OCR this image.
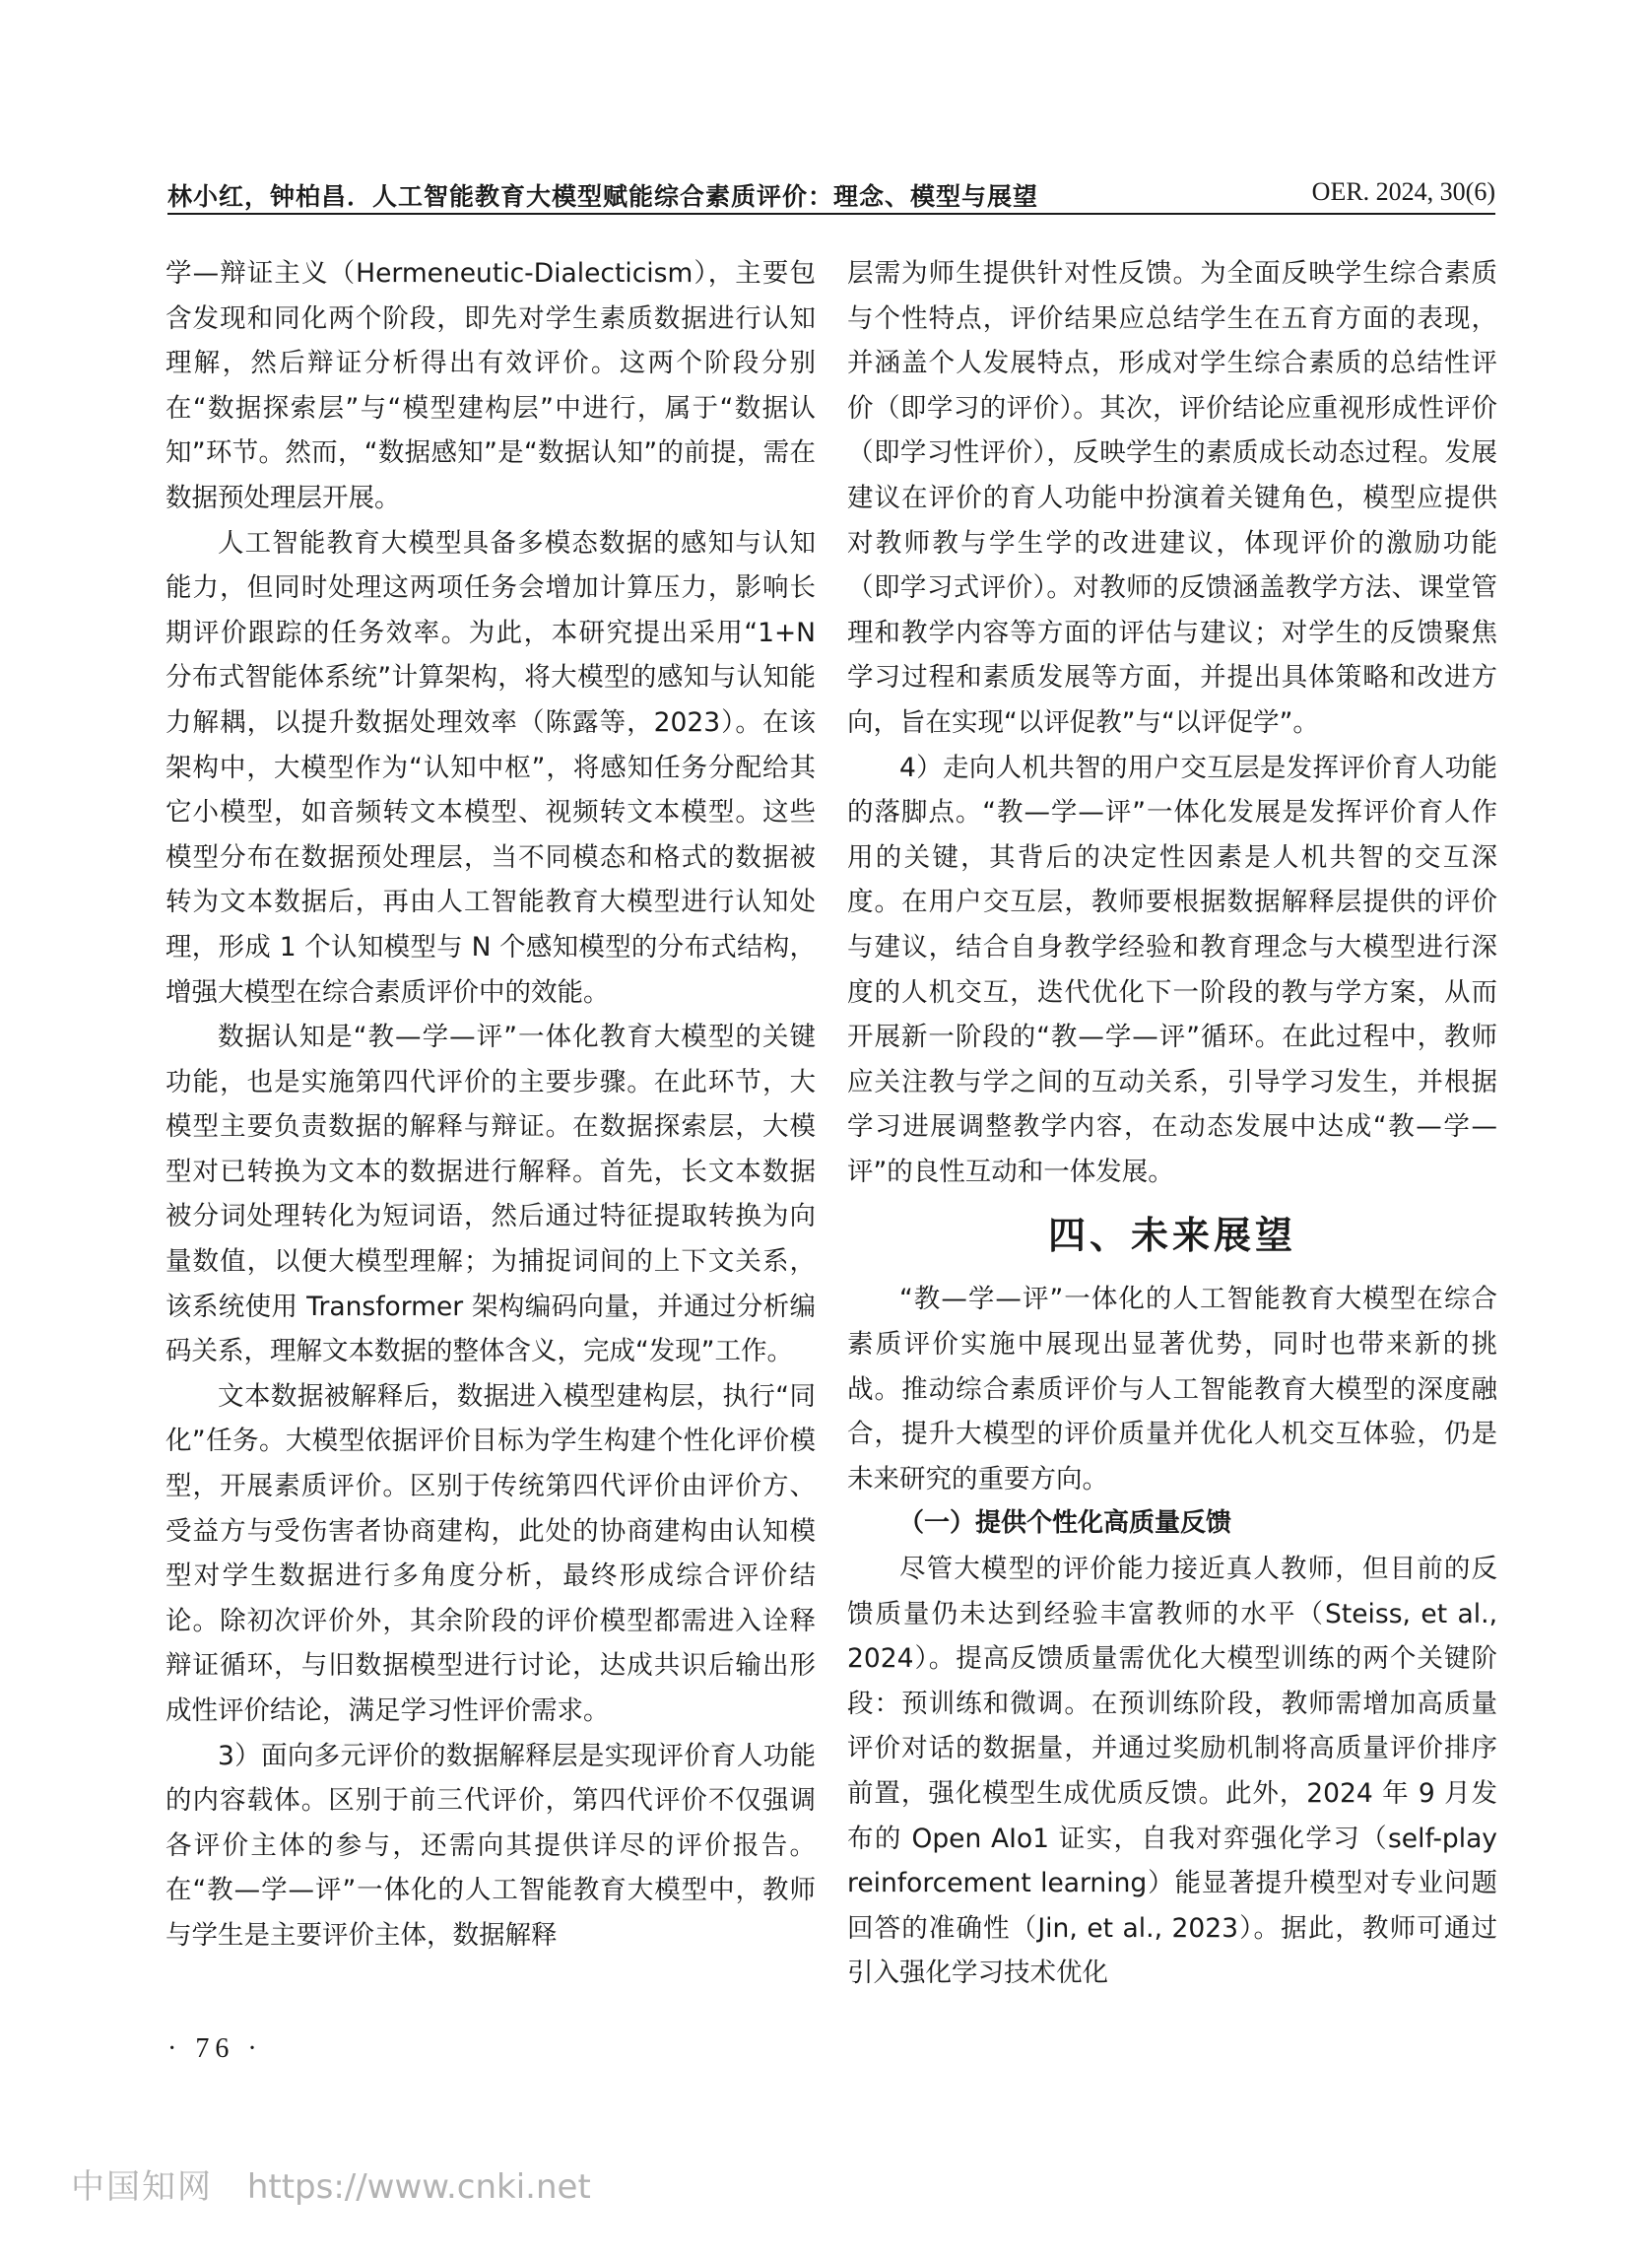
林小红，钟柏昌．人工智能教育大模型赋能综合素质评价：理念、模型与展望	OER. 2024, 30(6)

学—辩证主义（Hermeneutic-Dialecticism），主要包含发现和同化两个阶段，即先对学生素质数据进行认知理解，然后辩证分析得出有效评价。这两个阶段分别在“数据探索层”与“模型建构层”中进行，属于“数据认知”环节。然而，“数据感知”是“数据认知”的前提，需在数据预处理层开展。

人工智能教育大模型具备多模态数据的感知与认知能力，但同时处理这两项任务会增加计算压力，影响长期评价跟踪的任务效率。为此，本研究提出采用“1+N 分布式智能体系统”计算架构，将大模型的感知与认知能力解耦，以提升数据处理效率（陈露等，2023）。在该架构中，大模型作为“认知中枢”，将感知任务分配给其它小模型，如音频转文本模型、视频转文本模型。这些模型分布在数据预处理层，当不同模态和格式的数据被转为文本数据后，再由人工智能教育大模型进行认知处理，形成 1 个认知模型与 N 个感知模型的分布式结构，增强大模型在综合素质评价中的效能。

数据认知是“教—学—评”一体化教育大模型的关键功能，也是实施第四代评价的主要步骤。在此环节，大模型主要负责数据的解释与辩证。在数据探索层，大模型对已转换为文本的数据进行解释。首先，长文本数据被分词处理转化为短词语，然后通过特征提取转换为向量数值，以便大模型理解；为捕捉词间的上下文关系，该系统使用 Transformer 架构编码向量，并通过分析编码关系，理解文本数据的整体含义，完成“发现”工作。

文本数据被解释后，数据进入模型建构层，执行“同化”任务。大模型依据评价目标为学生构建个性化评价模型，开展素质评价。区别于传统第四代评价由评价方、受益方与受伤害者协商建构，此处的协商建构由认知模型对学生数据进行多角度分析，最终形成综合评价结论。除初次评价外，其余阶段的评价模型都需进入诠释辩证循环，与旧数据模型进行讨论，达成共识后输出形成性评价结论，满足学习性评价需求。

3）面向多元评价的数据解释层是实现评价育人功能的内容载体。区别于前三代评价，第四代评价不仅强调各评价主体的参与，还需向其提供详尽的评价报告。在“教—学—评”一体化的人工智能教育大模型中，教师与学生是主要评价主体，数据解释

层需为师生提供针对性反馈。为全面反映学生综合素质与个性特点，评价结果应总结学生在五育方面的表现，并涵盖个人发展特点，形成对学生综合素质的总结性评价（即学习的评价）。其次，评价结论应重视形成性评价（即学习性评价），反映学生的素质成长动态过程。发展建议在评价的育人功能中扮演着关键角色，模型应提供对教师教与学生学的改进建议，体现评价的激励功能（即学习式评价）。对教师的反馈涵盖教学方法、课堂管理和教学内容等方面的评估与建议；对学生的反馈聚焦学习过程和素质发展等方面，并提出具体策略和改进方向，旨在实现“以评促教”与“以评促学”。

4）走向人机共智的用户交互层是发挥评价育人功能的落脚点。“教—学—评”一体化发展是发挥评价育人作用的关键，其背后的决定性因素是人机共智的交互深度。在用户交互层，教师要根据数据解释层提供的评价与建议，结合自身教学经验和教育理念与大模型进行深度的人机交互，迭代优化下一阶段的教与学方案，从而开展新一阶段的“教—学—评”循环。在此过程中，教师应关注教与学之间的互动关系，引导学习发生，并根据学习进展调整教学内容，在动态发展中达成“教—学—评”的良性互动和一体发展。

四、未来展望

“教—学—评”一体化的人工智能教育大模型在综合素质评价实施中展现出显著优势，同时也带来新的挑战。推动综合素质评价与人工智能教育大模型的深度融合，提升大模型的评价质量并优化人机交互体验，仍是未来研究的重要方向。

（一）提供个性化高质量反馈

尽管大模型的评价能力接近真人教师，但目前的反馈质量仍未达到经验丰富教师的水平（Steiss, et al., 2024）。提高反馈质量需优化大模型训练的两个关键阶段：预训练和微调。在预训练阶段，教师需增加高质量评价对话的数据量，并通过奖励机制将高质量评价排序前置，强化模型生成优质反馈。此外，2024 年 9 月发布的 Open AIo1 证实，自我对弈强化学习（self-play reinforcement learning）能显著提升模型对专业问题回答的准确性（Jin, et al., 2023）。据此，教师可通过引入强化学习技术优化

· 76 ·
中国知网 https://www.cnki.net
